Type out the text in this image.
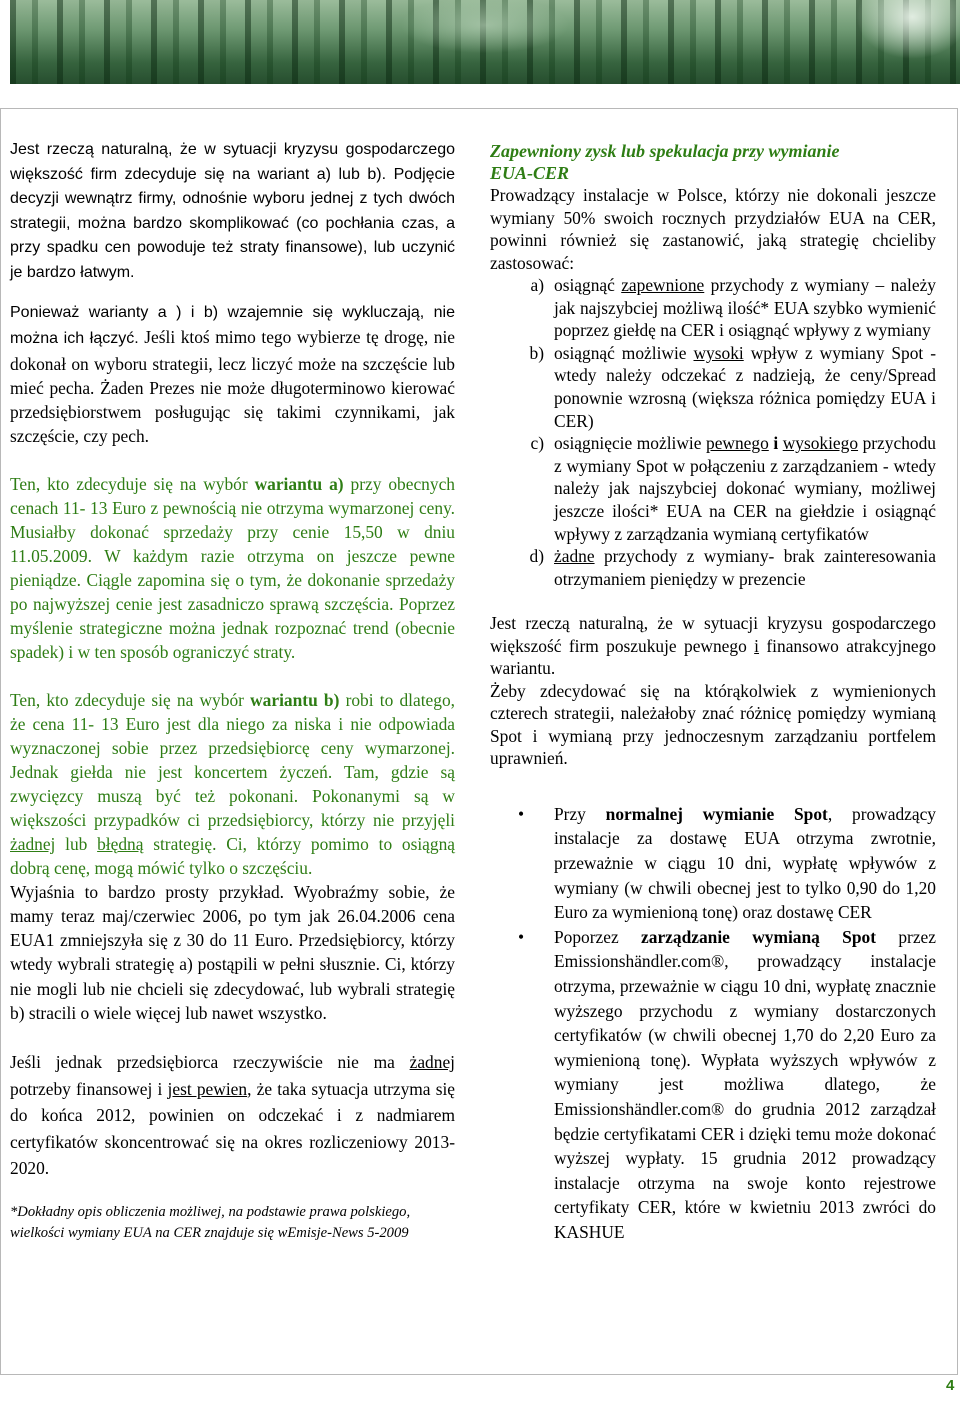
Jest rzeczą naturalną, że w sytuacji kryzysu gospodarczego większość firm zdecyduje się na wariant a) lub b). Podjęcie decyzji wewnątrz firmy, odnośnie wyboru jednej z tych dwóch strategii, można bardzo skomplikować (co pochłania czas, a przy spadku cen powoduje też straty finansowe), lub uczynić je bardzo łatwym.

Ponieważ warianty a ) i b) wzajemnie się wykluczają, nie można ich łączyć. Jeśli ktoś mimo tego wybierze tę drogę, nie dokonał on wyboru strategii, lecz liczyć może na szczęście lub mieć pecha. Żaden Prezes nie może długoterminowo kierować przedsiębiorstwem posługując się takimi czynnikami, jak szczęście, czy pech.

Ten, kto zdecyduje się na wybór wariantu a) przy obecnych cenach 11- 13 Euro z pewnością nie otrzyma wymarzonej ceny. Musiałby dokonać sprzedaży przy cenie 15,50 w dniu 11.05.2009. W każdym razie otrzyma on jeszcze pewne pieniądze. Ciągle zapomina się o tym, że dokonanie sprzedaży po najwyższej cenie jest zasadniczo sprawą szczęścia. Poprzez myślenie strategiczne można jednak rozpoznać trend (obecnie spadek) i w ten sposób ograniczyć straty.

Ten, kto zdecyduje się na wybór wariantu b) robi to dlatego, że cena 11- 13 Euro jest dla niego za niska i nie odpowiada wyznaczonej sobie przez przedsiębiorcę ceny wymarzonej. Jednak giełda nie jest koncertem życzeń. Tam, gdzie są zwycięzcy muszą być też pokonani. Pokonanymi są w większości przypadków ci przedsiębiorcy, którzy nie przyjęli żadnej lub błędną strategię. Ci, którzy pomimo to osiągną dobrą cenę, mogą mówić tylko o szczęściu.

Wyjaśnia to bardzo prosty przykład. Wyobraźmy sobie, że mamy teraz maj/czerwiec 2006, po tym jak 26.04.2006 cena EUA1 zmniejszyła się z 30 do 11 Euro. Przedsiębiorcy, którzy wtedy wybrali strategię a) postąpili w pełni słusznie. Ci, którzy nie mogli lub nie chcieli się zdecydować, lub wybrali strategię b) stracili o wiele więcej lub nawet wszystko.

Jeśli jednak przedsiębiorca rzeczywiście nie ma żadnej potrzeby finansowej i jest pewien, że taka sytuacja utrzyma się do końca 2012, powinien on odczekać i z nadmiarem certyfikatów skoncentrować się na okres rozliczeniowy 2013- 2020.

*Dokładny opis obliczenia możliwej, na podstawie prawa polskiego, wielkości wymiany EUA na CER znajduje się wEmisje-News 5-2009

Zapewniony zysk lub spekulacja przy wymianie
EUA-CER

Prowadzący instalacje w Polsce, którzy nie dokonali jeszcze wymiany 50% swoich rocznych przydziałów EUA na CER, powinni również się zastanowić, jaką strategię chcieliby zastosować:

a) osiągnąć zapewnione przychody z wymiany – należy jak najszybciej możliwą ilość* EUA szybko wymienić poprzez giełdę na CER i osiągnąć wpływy z wymiany
b) osiągnąć możliwie wysoki wpływ z wymiany Spot - wtedy należy odczekać z nadzieją, że ceny/Spread ponownie wzrosną (większa różnica pomiędzy EUA i CER)
c) osiągnięcie możliwie pewnego i wysokiego przychodu z wymiany Spot w połączeniu z zarządzaniem - wtedy należy jak najszybciej dokonać wymiany, możliwej jeszcze ilości* EUA na CER na giełdzie i osiągnąć wpływy z zarządzania wymianą certyfikatów
d) żadne przychody z wymiany- brak zainteresowania otrzymaniem pieniędzy w prezencie

Jest rzeczą naturalną, że w sytuacji kryzysu gospodarczego większość firm poszukuje pewnego i finansowo atrakcyjnego wariantu.

Żeby zdecydować się na którąkolwiek z wymienionych czterech strategii, należałoby znać różnicę pomiędzy wymianą Spot i wymianą przy jednoczesnym zarządzaniu portfelem uprawnień.

•	Przy normalnej wymianie Spot, prowadzący instalacje za dostawę EUA otrzyma zwrotnie, przeważnie w ciągu 10 dni, wypłatę wpływów z wymiany (w chwili obecnej jest to tylko 0,90 do 1,20 Euro za wymienioną tonę) oraz dostawę CER
•	Poporzez zarządzanie wymianą Spot przez Emissionshändler.com®, prowadzący instalacje otrzyma, przeważnie w ciągu 10 dni, wypłatę znacznie wyższego przychodu z wymiany dostarczonych certyfikatów (w chwili obecnej 1,70 do 2,20 Euro za wymienioną tonę). Wypłata wyższych wpływów z wymiany jest możliwa dlatego, że Emissionshändler.com® do grudnia 2012 zarządzał będzie certyfikatami CER i dzięki temu może dokonać wyższej wypłaty. 15 grudnia 2012 prowadzący instalacje otrzyma na swoje konto rejestrowe certyfikaty CER, które w kwietniu 2013 zwróci do KASHUE
4
